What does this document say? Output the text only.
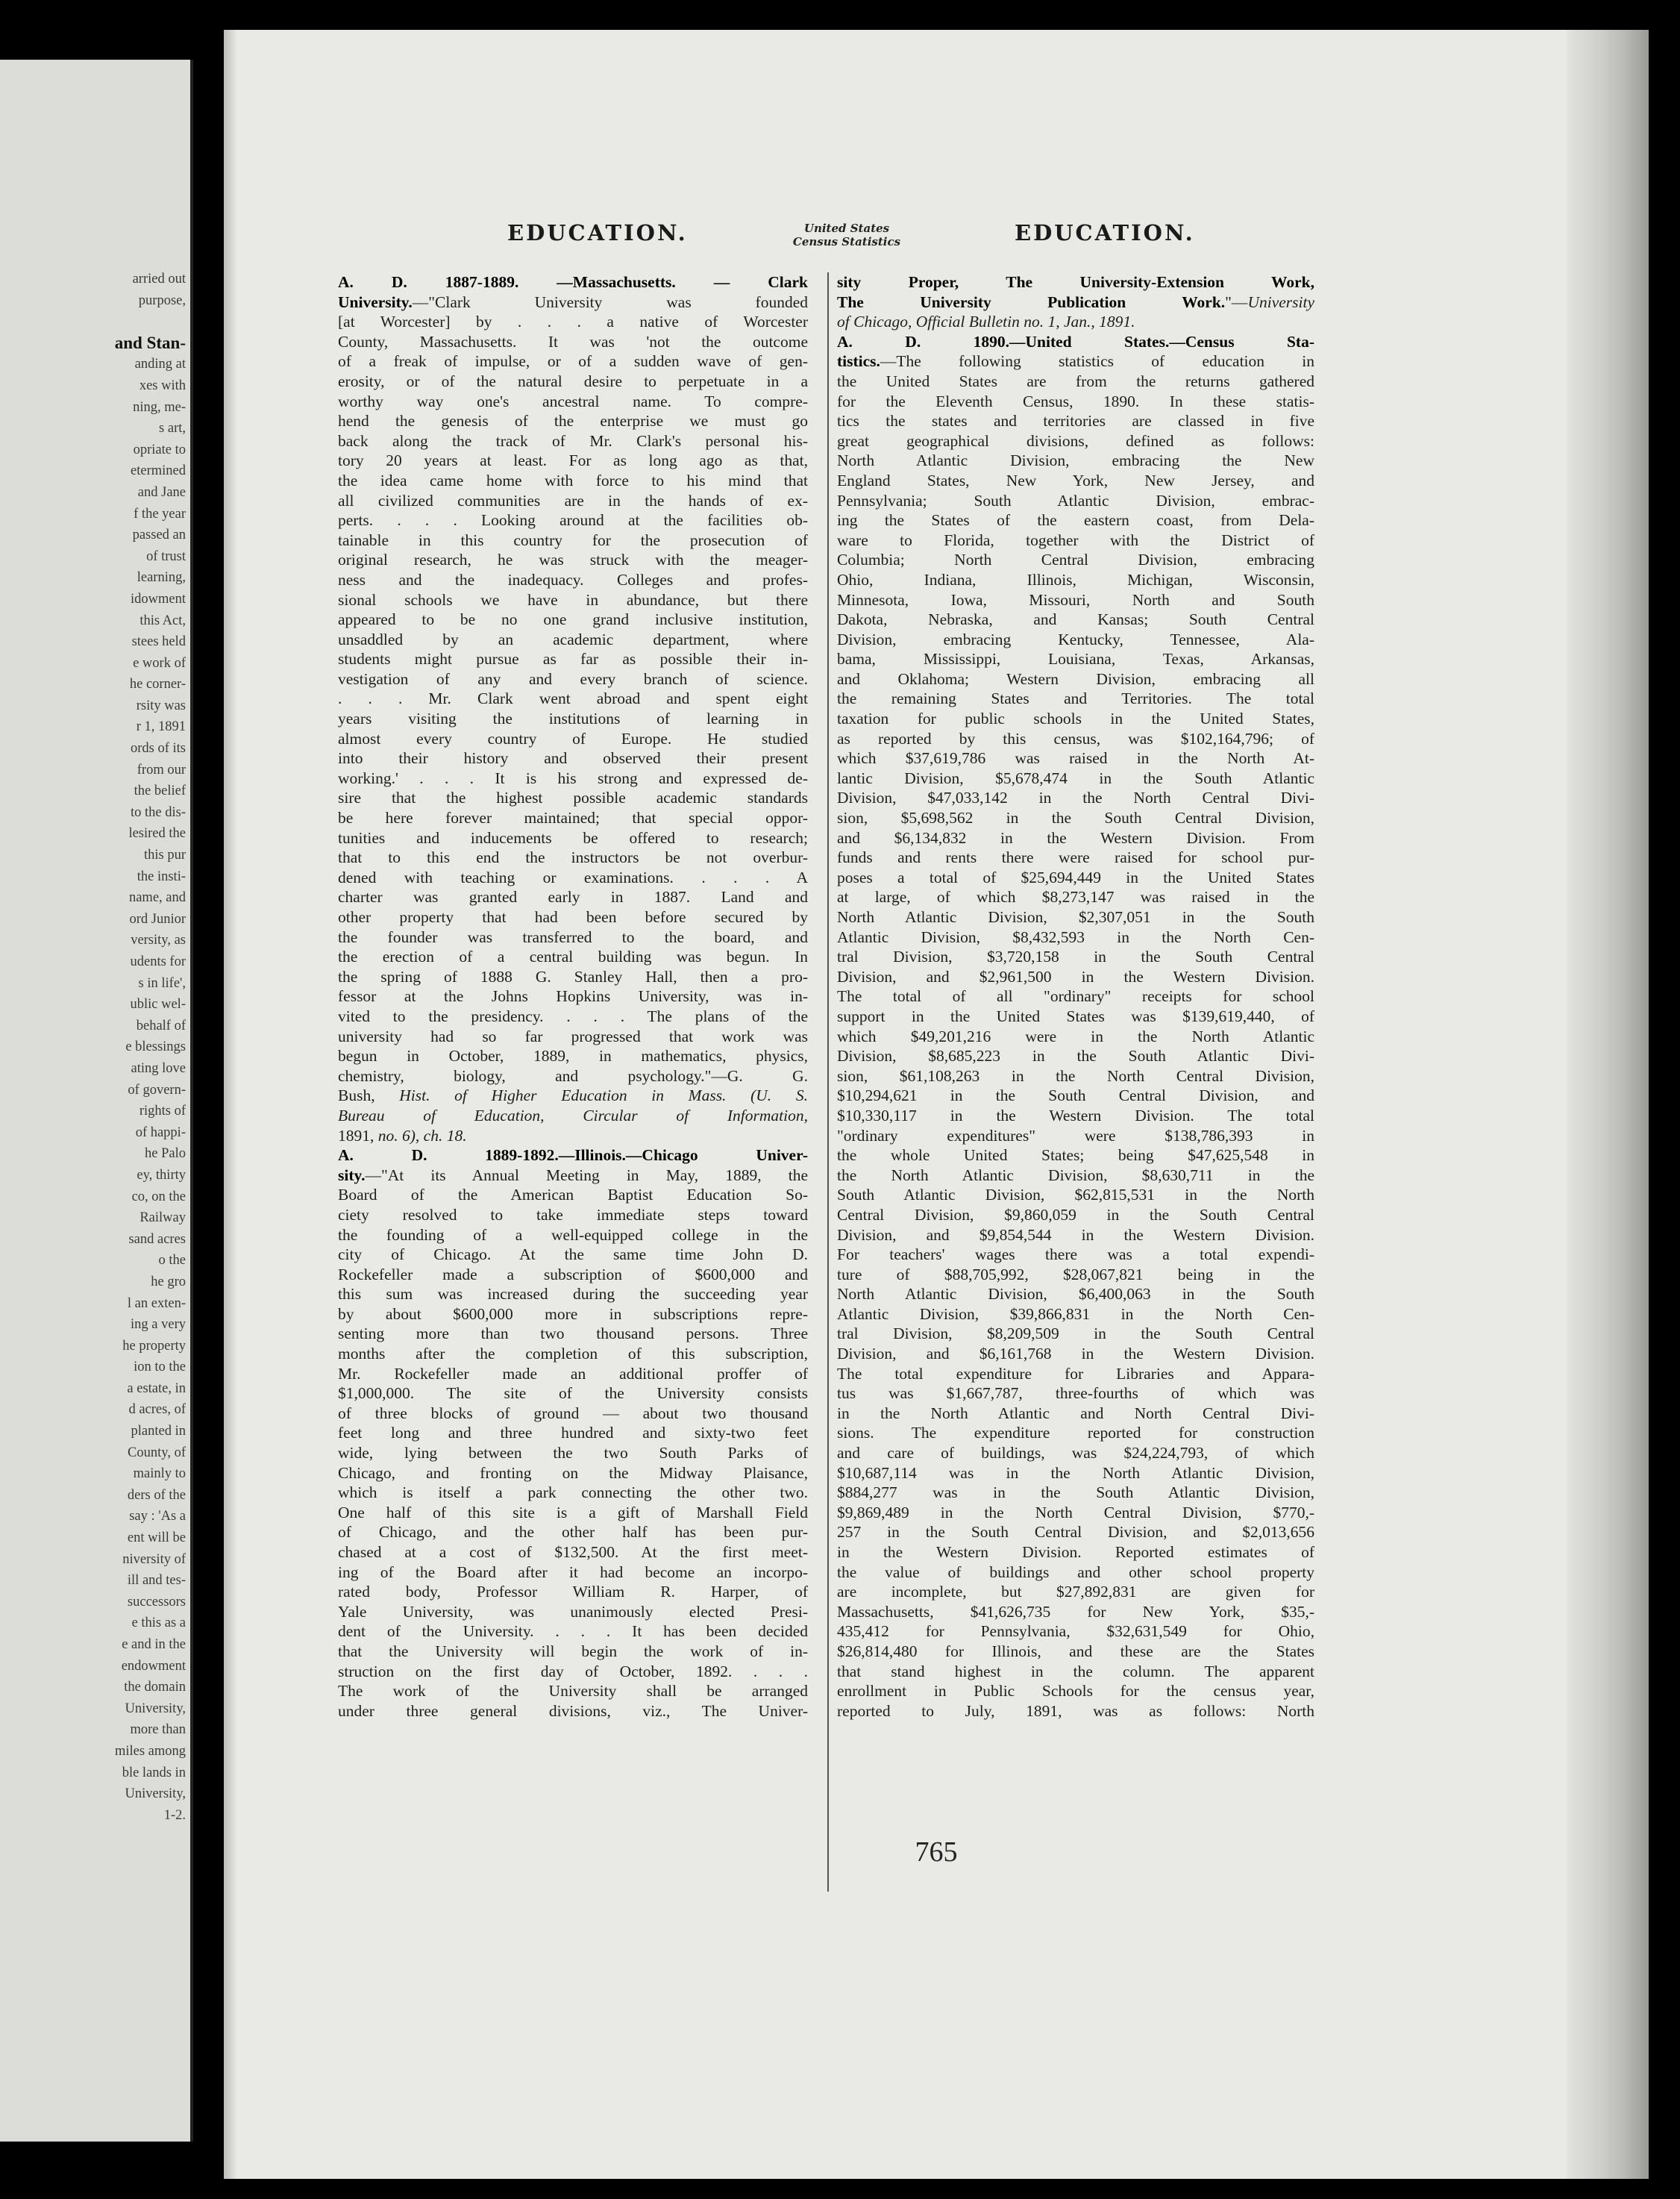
arried out
purpose,
and Stan-
anding at
xes with
ning, me-
s art,
opriate to
etermined
and Jane
f the year
passed an
of trust
learning,
idowment
this Act,
stees held
e work of
he corner-
rsity was
r 1, 1891
ords of its
from our
the belief
to the dis-
lesired the
this pur
the insti-
name, and
ord Junior
versity, as
udents for
s in life',
ublic wel-
behalf of
e blessings
ating love
of govern-
rights of
of happi-
he Palo
ey, thirty
co, on the
Railway
sand acres
o the
he gro
l an exten-
ing a very
he property
ion to the
a estate, in
d acres, of
planted in
County, of
mainly to
ders of the
say : 'As a
ent will be
niversity of
ill and tes-
successors
e this as a
e and in the
endowment
the domain
University,
more than
miles among
ble lands in
University,
1-2.
EDUCATION.	United States
Census Statistics	EDUCATION.
A. D. 1887-1889. —Massachusetts. — Clark
University.—"Clark University was founded
[at Worcester] by . . . a native of Worcester
County, Massachusetts. It was 'not the outcome
of a freak of impulse, or of a sudden wave of gen-
erosity, or of the natural desire to perpetuate in a
worthy way one's ancestral name. To compre-
hend the genesis of the enterprise we must go
back along the track of Mr. Clark's personal his-
tory 20 years at least. For as long ago as that,
the idea came home with force to his mind that
all civilized communities are in the hands of ex-
perts. . . . Looking around at the facilities ob-
tainable in this country for the prosecution of
original research, he was struck with the meager-
ness and the inadequacy. Colleges and profes-
sional schools we have in abundance, but there
appeared to be no one grand inclusive institution,
unsaddled by an academic department, where
students might pursue as far as possible their in-
vestigation of any and every branch of science.
. . . Mr. Clark went abroad and spent eight
years visiting the institutions of learning in
almost every country of Europe. He studied
into their history and observed their present
working.' . . . It is his strong and expressed de-
sire that the highest possible academic standards
be here forever maintained; that special oppor-
tunities and inducements be offered to research;
that to this end the instructors be not overbur-
dened with teaching or examinations. . . . A
charter was granted early in 1887. Land and
other property that had been before secured by
the founder was transferred to the board, and
the erection of a central building was begun. In
the spring of 1888 G. Stanley Hall, then a pro-
fessor at the Johns Hopkins University, was in-
vited to the presidency. . . . The plans of the
university had so far progressed that work was
begun in October, 1889, in mathematics, physics,
chemistry, biology, and psychology."—G. G.
Bush, Hist. of Higher Education in Mass. (U. S.
Bureau of Education, Circular of Information,
1891, no. 6), ch. 18.
A. D. 1889-1892.—Illinois.—Chicago Univer-
sity.—"At its Annual Meeting in May, 1889, the
Board of the American Baptist Education So-
ciety resolved to take immediate steps toward
the founding of a well-equipped college in the
city of Chicago. At the same time John D.
Rockefeller made a subscription of $600,000 and
this sum was increased during the succeeding year
by about $600,000 more in subscriptions repre-
senting more than two thousand persons. Three
months after the completion of this subscription,
Mr. Rockefeller made an additional proffer of
$1,000,000. The site of the University consists
of three blocks of ground — about two thousand
feet long and three hundred and sixty-two feet
wide, lying between the two South Parks of
Chicago, and fronting on the Midway Plaisance,
which is itself a park connecting the other two.
One half of this site is a gift of Marshall Field
of Chicago, and the other half has been pur-
chased at a cost of $132,500. At the first meet-
ing of the Board after it had become an incorpo-
rated body, Professor William R. Harper, of
Yale University, was unanimously elected Presi-
dent of the University. . . . It has been decided
that the University will begin the work of in-
struction on the first day of October, 1892. . . .
The work of the University shall be arranged
under three general divisions, viz., The Univer-
sity Proper, The University-Extension Work,
The University Publication Work."—University
of Chicago, Official Bulletin no. 1, Jan., 1891.
A. D. 1890.—United States.—Census Sta-
tistics.—The following statistics of education in
the United States are from the returns gathered
for the Eleventh Census, 1890. In these statis-
tics the states and territories are classed in five
great geographical divisions, defined as follows:
North Atlantic Division, embracing the New
England States, New York, New Jersey, and
Pennsylvania; South Atlantic Division, embrac-
ing the States of the eastern coast, from Dela-
ware to Florida, together with the District of
Columbia; North Central Division, embracing
Ohio, Indiana, Illinois, Michigan, Wisconsin,
Minnesota, Iowa, Missouri, North and South
Dakota, Nebraska, and Kansas; South Central
Division, embracing Kentucky, Tennessee, Ala-
bama, Mississippi, Louisiana, Texas, Arkansas,
and Oklahoma; Western Division, embracing all
the remaining States and Territories. The total
taxation for public schools in the United States,
as reported by this census, was $102,164,796; of
which $37,619,786 was raised in the North At-
lantic Division, $5,678,474 in the South Atlantic
Division, $47,033,142 in the North Central Divi-
sion, $5,698,562 in the South Central Division,
and $6,134,832 in the Western Division. From
funds and rents there were raised for school pur-
poses a total of $25,694,449 in the United States
at large, of which $8,273,147 was raised in the
North Atlantic Division, $2,307,051 in the South
Atlantic Division, $8,432,593 in the North Cen-
tral Division, $3,720,158 in the South Central
Division, and $2,961,500 in the Western Division.
The total of all "ordinary" receipts for school
support in the United States was $139,619,440, of
which $49,201,216 were in the North Atlantic
Division, $8,685,223 in the South Atlantic Divi-
sion, $61,108,263 in the North Central Division,
$10,294,621 in the South Central Division, and
$10,330,117 in the Western Division. The total
"ordinary expenditures" were $138,786,393 in
the whole United States; being $47,625,548 in
the North Atlantic Division, $8,630,711 in the
South Atlantic Division, $62,815,531 in the North
Central Division, $9,860,059 in the South Central
Division, and $9,854,544 in the Western Division.
For teachers' wages there was a total expendi-
ture of $88,705,992, $28,067,821 being in the
North Atlantic Division, $6,400,063 in the South
Atlantic Division, $39,866,831 in the North Cen-
tral Division, $8,209,509 in the South Central
Division, and $6,161,768 in the Western Division.
The total expenditure for Libraries and Appara-
tus was $1,667,787, three-fourths of which was
in the North Atlantic and North Central Divi-
sions. The expenditure reported for construction
and care of buildings, was $24,224,793, of which
$10,687,114 was in the North Atlantic Division,
$884,277 was in the South Atlantic Division,
$9,869,489 in the North Central Division, $770,-
257 in the South Central Division, and $2,013,656
in the Western Division. Reported estimates of
the value of buildings and other school property
are incomplete, but $27,892,831 are given for
Massachusetts, $41,626,735 for New York, $35,-
435,412 for Pennsylvania, $32,631,549 for Ohio,
$26,814,480 for Illinois, and these are the States
that stand highest in the column. The apparent
enrollment in Public Schools for the census year,
reported to July, 1891, was as follows: North
765
